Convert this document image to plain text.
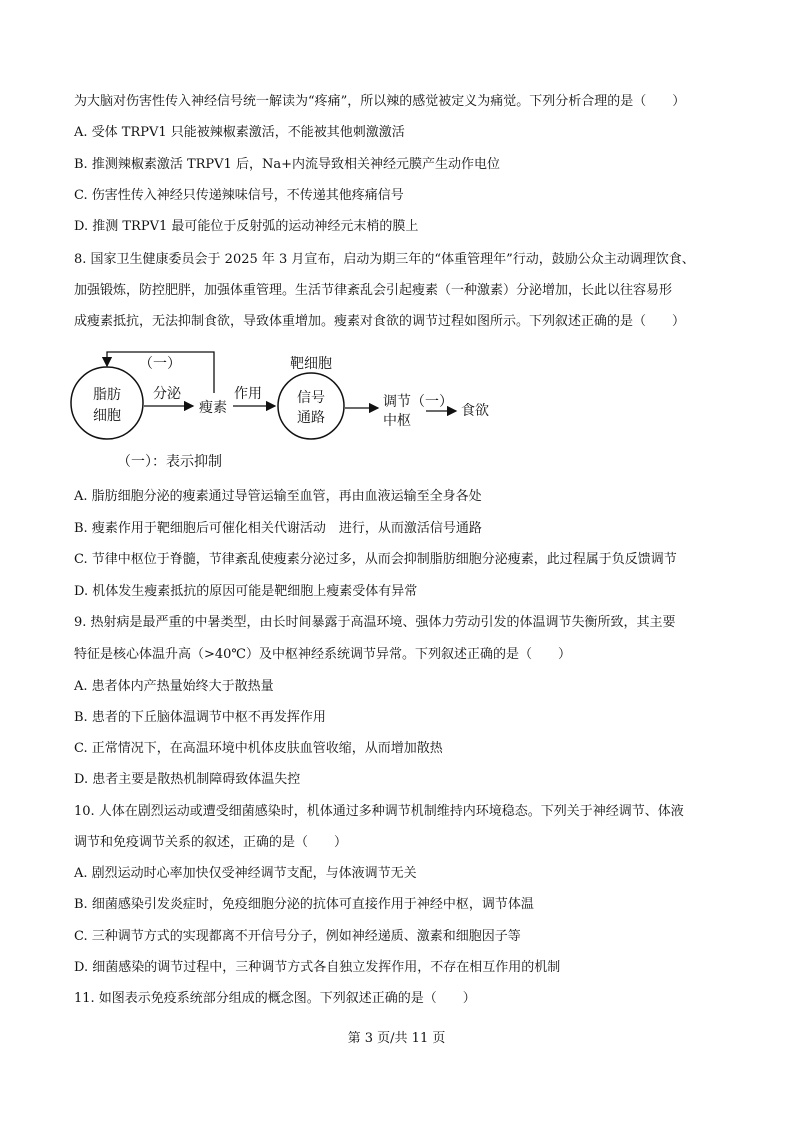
为大脑对伤害性传入神经信号统一解读为“疼痛”，所以辣的感觉被定义为痛觉。下列分析合理的是（　　）
A. 受体 TRPV1 只能被辣椒素激活，不能被其他刺激激活
B. 推测辣椒素激活 TRPV1 后，Na+内流导致相关神经元膜产生动作电位
C. 伤害性传入神经只传递辣味信号，不传递其他疼痛信号
D. 推测 TRPV1 最可能位于反射弧的运动神经元末梢的膜上
8. 国家卫生健康委员会于 2025 年 3 月宣布，启动为期三年的“体重管理年”行动，鼓励公众主动调理饮食、
加强锻炼，防控肥胖，加强体重管理。生活节律紊乱会引起瘦素（一种激素）分泌增加，长此以往容易形
成瘦素抵抗，无法抑制食欲，导致体重增加。瘦素对食欲的调节过程如图所示。下列叙述正确的是（　　）
脂肪
细胞
分泌
瘦素
（一）
作用
靶细胞
信号
通路
调节（一）
中枢
食欲
（一）：表示抑制
A. 脂肪细胞分泌的瘦素通过导管运输至血管，再由血液运输至全身各处
B. 瘦素作用于靶细胞后可催化相关代谢活动　进行，从而激活信号通路
C. 节律中枢位于脊髓，节律紊乱使瘦素分泌过多，从而会抑制脂肪细胞分泌瘦素，此过程属于负反馈调节
D. 机体发生瘦素抵抗的原因可能是靶细胞上瘦素受体有异常
9. 热射病是最严重的中暑类型，由长时间暴露于高温环境、强体力劳动引发的体温调节失衡所致，其主要
特征是核心体温升高（>40℃）及中枢神经系统调节异常。下列叙述正确的是（　　）
A. 患者体内产热量始终大于散热量
B. 患者的下丘脑体温调节中枢不再发挥作用
C. 正常情况下，在高温环境中机体皮肤血管收缩，从而增加散热
D. 患者主要是散热机制障碍致体温失控
10. 人体在剧烈运动或遭受细菌感染时，机体通过多种调节机制维持内环境稳态。下列关于神经调节、体液
调节和免疫调节关系的叙述，正确的是（　　）
A. 剧烈运动时心率加快仅受神经调节支配，与体液调节无关
B. 细菌感染引发炎症时，免疫细胞分泌的抗体可直接作用于神经中枢，调节体温
C. 三种调节方式的实现都离不开信号分子，例如神经递质、激素和细胞因子等
D. 细菌感染的调节过程中，三种调节方式各自独立发挥作用，不存在相互作用的机制
11. 如图表示免疫系统部分组成的概念图。下列叙述正确的是（　　）
第 3 页/共 11 页
